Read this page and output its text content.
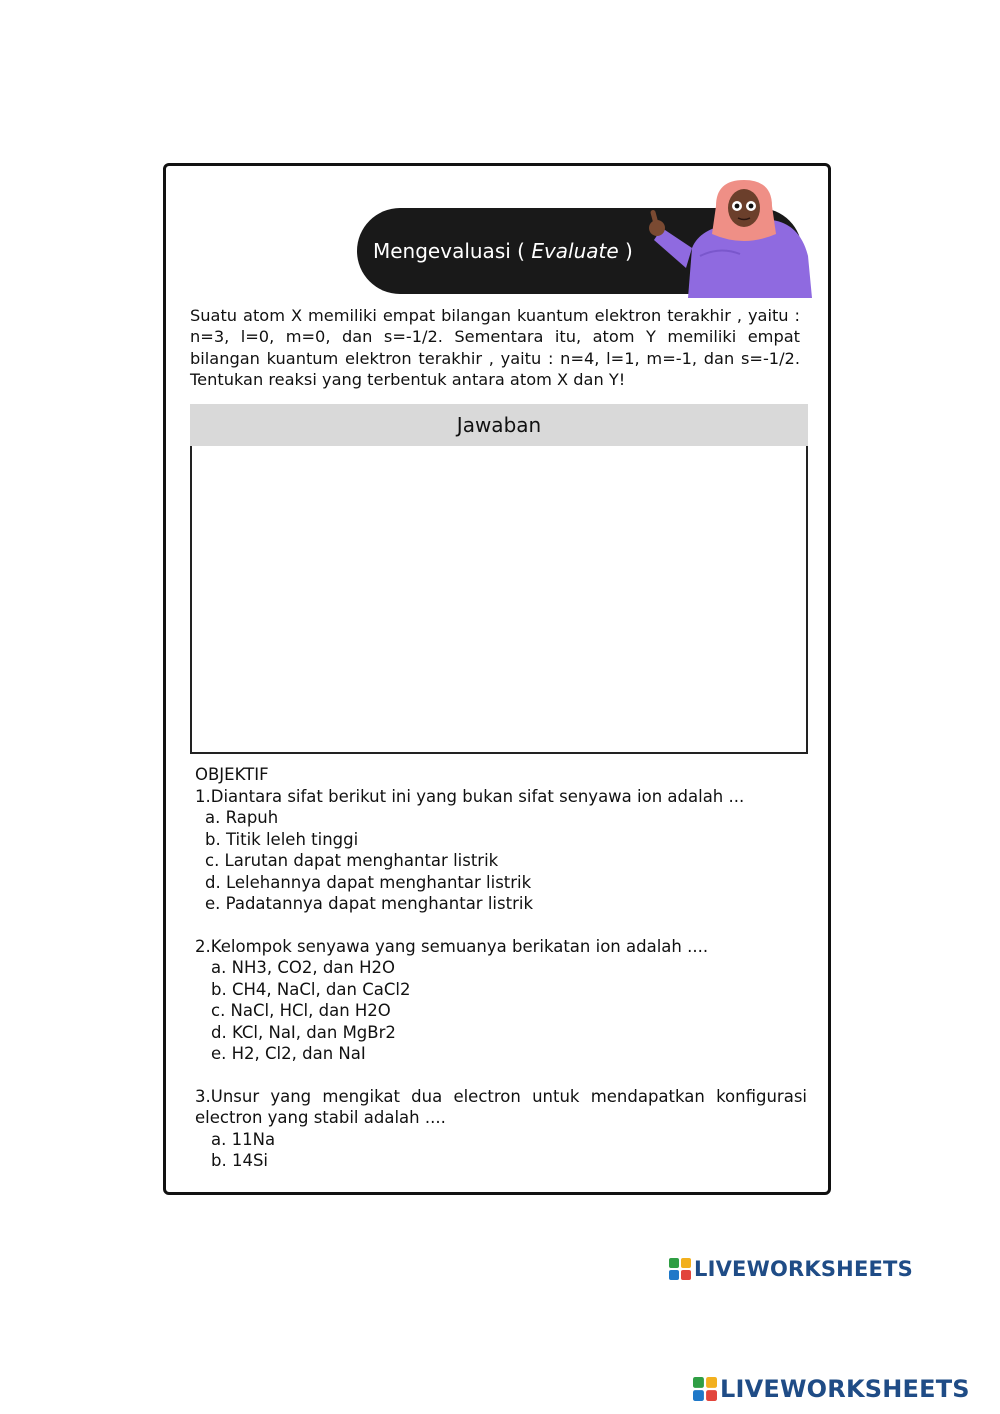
Mengevaluasi ( Evaluate )

Suatu atom X memiliki empat bilangan kuantum elektron terakhir , yaitu : n=3, l=0, m=0, dan s=-1/2. Sementara itu, atom Y memiliki empat bilangan kuantum elektron terakhir , yaitu : n=4, l=1, m=-1, dan s=-1/2. Tentukan reaksi yang terbentuk antara atom X dan Y!

Jawaban
OBJEKTIF
1.Diantara sifat berikut ini yang bukan sifat senyawa ion adalah ...
a. Rapuh
b. Titik leleh tinggi
c. Larutan dapat menghantar listrik
d. Lelehannya dapat menghantar listrik
e. Padatannya dapat menghantar listrik
2.Kelompok senyawa yang semuanya berikatan ion adalah ....
a. NH3, CO2, dan H2O
b. CH4, NaCl, dan CaCl2
c. NaCl, HCl, dan H2O
d. KCl, NaI, dan MgBr2
e. H2, Cl2, dan NaI
3.Unsur yang mengikat dua electron untuk mendapatkan konfigurasi
electron yang stabil adalah ....
a. 11Na
b. 14Si
LIVEWORKSHEETS
LIVEWORKSHEETS
